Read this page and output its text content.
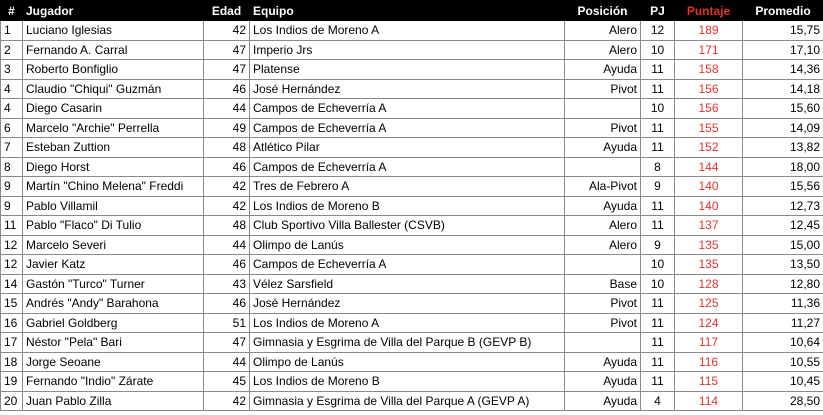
#	Jugador	Edad	Equipo	Posición	PJ	Puntaje	Promedio
1	Luciano Iglesias	42	Los Indios de Moreno A	Alero	12	189	15,75
2	Fernando A. Carral	47	Imperio Jrs	Alero	10	171	17,10
3	Roberto Bonfiglio	47	Platense	Ayuda	11	158	14,36
4	Claudio "Chiqui" Guzmán	46	José Hernández	Pivot	11	156	14,18
4	Diego Casarin	44	Campos de Echeverría A		10	156	15,60
6	Marcelo "Archie" Perrella	49	Campos de Echeverría A	Pivot	11	155	14,09
7	Esteban Zuttion	48	Atlético Pilar	Ayuda	11	152	13,82
8	Diego Horst	46	Campos de Echeverría A		8	144	18,00
9	Martín "Chino Melena" Freddi	42	Tres de Febrero A	Ala-Pivot	9	140	15,56
9	Pablo Villamil	42	Los Indios de Moreno B	Ayuda	11	140	12,73
11	Pablo "Flaco" Di Tulio	48	Club Sportivo Villa Ballester (CSVB)	Alero	11	137	12,45
12	Marcelo Severi	44	Olimpo de Lanús	Alero	9	135	15,00
12	Javier Katz	46	Campos de Echeverría A		10	135	13,50
14	Gastón "Turco" Turner	43	Vélez Sarsfield	Base	10	128	12,80
15	Andrés "Andy" Barahona	46	José Hernández	Pivot	11	125	11,36
16	Gabriel Goldberg	51	Los Indios de Moreno A	Pivot	11	124	11,27
17	Néstor "Pela" Bari	47	Gimnasia y Esgrima de Villa del Parque B (GEVP B)		11	117	10,64
18	Jorge Seoane	44	Olimpo de Lanús	Ayuda	11	116	10,55
19	Fernando "Indio" Zárate	45	Los Indios de Moreno B	Ayuda	11	115	10,45
20	Juan Pablo Zilla	42	Gimnasia y Esgrima de Villa del Parque A (GEVP A)	Ayuda	4	114	28,50
